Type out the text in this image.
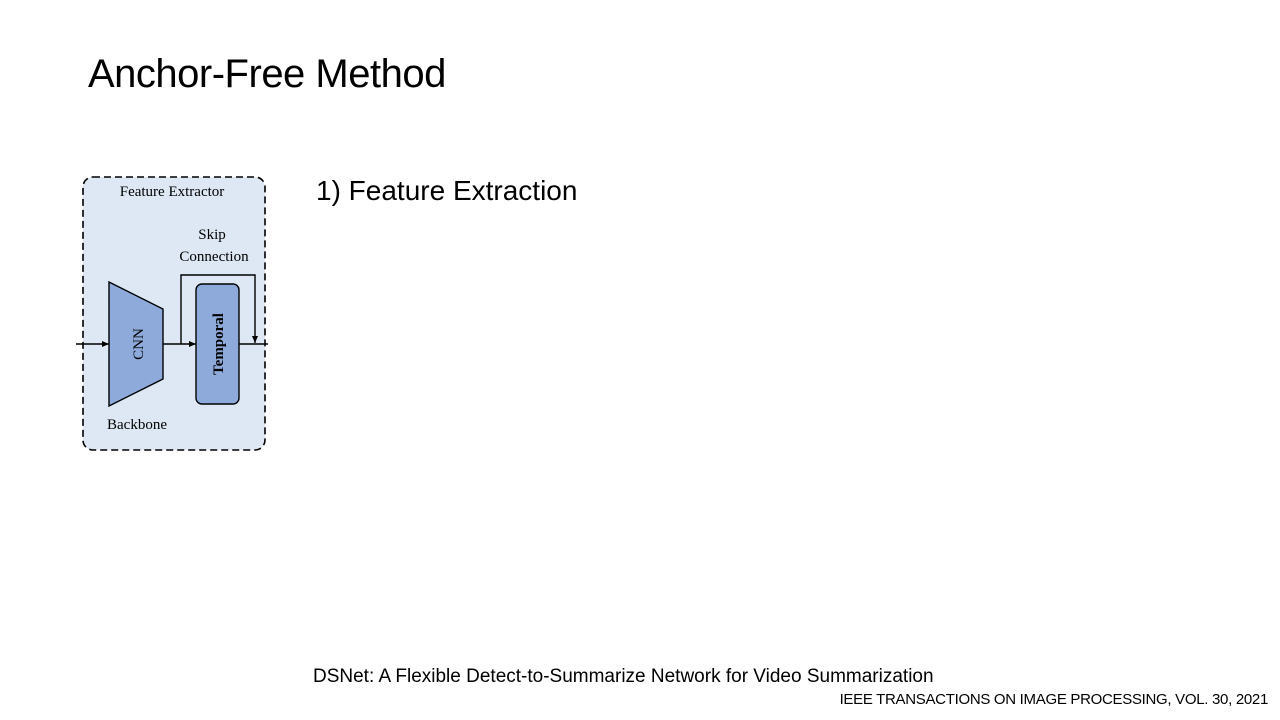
Anchor-Free Method
Feature Extractor
Skip
Connection
CNN	Temporal
Backbone
1) Feature Extraction
DSNet: A Flexible Detect-to-Summarize Network for Video Summarization
IEEE TRANSACTIONS ON IMAGE PROCESSING, VOL. 30, 2021
